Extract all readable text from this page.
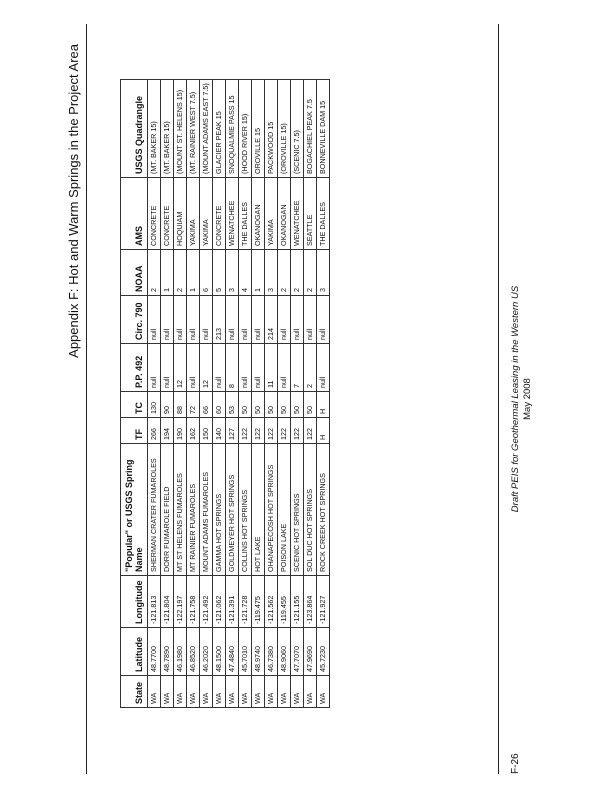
Appendix F: Hot and Warm Springs in the Project Area
State	Latitude	Longitude	"Popular" or USGS Spring Name	TF	TC	P.P. 492	Circ. 790	NOAA	AMS	USGS Quadrangle
WA	48.7700	-121.813	SHERMAN CRATER FUMAROLES	266	130	null	null	2	CONCRETE	(MT. BAKER 15)
WA	48.7890	-121.804	DORR FUMAROLE FIELD	194	90	null	null	1	CONCRETE	(MT. BAKER 15)
WA	46.1980	-122.197	MT ST HELENS FUMAROLES	190	88	12	null	2	HOQUIAM	(MOUNT ST. HELENS 15)
WA	46.8520	-121.758	MT RAINIER FUMAROLES	162	72	null	null	1	YAKIMA	(MT. RAINIER WEST 7.5)
WA	46.2020	-121.492	MOUNT ADAMS FUMAROLES	150	66	12	null	6	YAKIMA	(MOUNT ADAMS EAST 7.5)
WA	48.1500	-121.062	GAMMA HOT SPRINGS	140	60	null	213	5	CONCRETE	GLACIER PEAK 15
WA	47.4840	-121.391	GOLDMEYER HOT SPRINGS	127	53	8	null	3	WENATCHEE	SNOQUALMIE PASS 15
WA	45.7010	-121.728	COLLINS HOT SPRINGS	122	50	null	null	4	THE DALLES	(HOOD RIVER 15)
WA	48.9740	-119.475	HOT LAKE	122	50	null	null	1	OKANOGAN	OROVILLE 15
WA	46.7380	-121.562	OHANAPECOSH HOT SPRINGS	122	50	11	214	3	YAKIMA	PACKWOOD 15
WA	48.9060	-119.455	POISON LAKE	122	50	null	null	2	OKANOGAN	(OROVILLE 15)
WA	47.7070	-121.155	SCENIC HOT SPRINGS	122	50	7	null	2	WENATCHEE	(SCENIC 7.5)
WA	47.9690	-123.864	SOL DUC HOT SPRINGS	122	50	2	null	2	SEATTLE	BOGACHIEL PEAK 7.5
WA	45.7230	-121.927	ROCK CREEK HOT SPRINGS	H	H	null	null	3	THE DALLES	BONNEVILLE DAM 15
F-26
Draft PEIS for Geothermal Leasing in the Western US May 2008
